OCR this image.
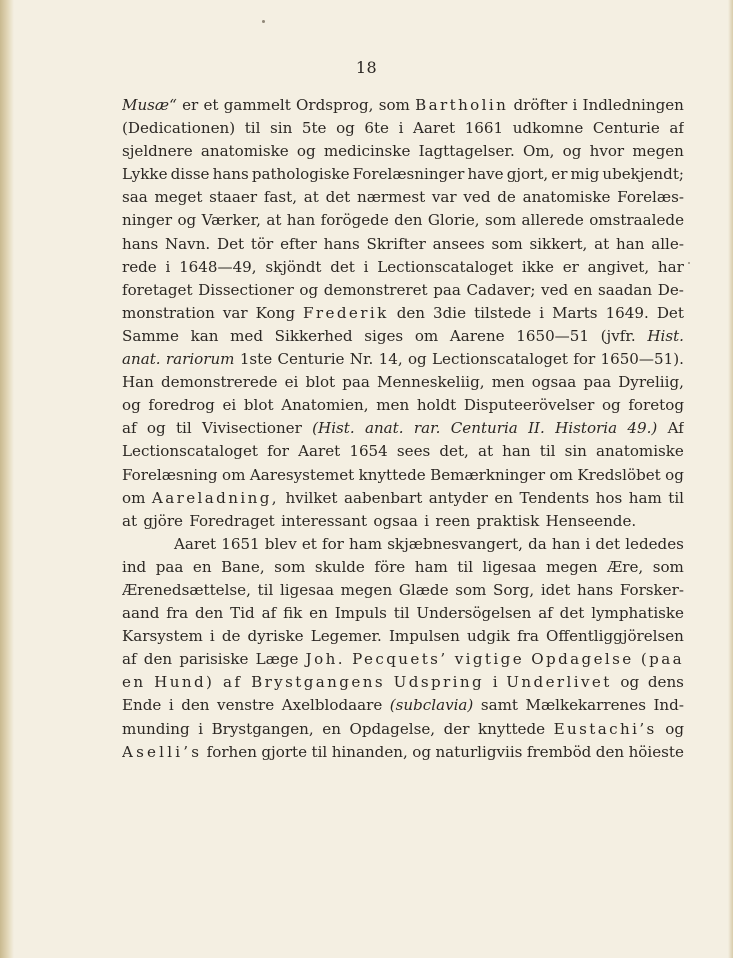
18
Musæ“ er et gammelt Ordsprog, som Bartholin dröfter i Indledningen
(Dedicationen) til sin 5te og 6te i Aaret 1661 udkomne Centurie af
sjeldnere anatomiske og medicinske Iagttagelser. Om, og hvor megen
Lykke disse hans pathologiske Forelæsninger have gjort, er mig ubekjendt;
saa meget staaer fast, at det nærmest var ved de anatomiske Forelæs-
ninger og Værker, at han forögede den Glorie, som allerede omstraalede
hans Navn. Det tör efter hans Skrifter ansees som sikkert, at han alle-
rede i 1648—49, skjöndt det i Lectionscataloget ikke er angivet, har
foretaget Dissectioner og demonstreret paa Cadaver; ved en saadan De-
monstration var Kong Frederik den 3die tilstede i Marts 1649. Det
Samme kan med Sikkerhed siges om Aarene 1650—51 (jvfr. Hist.
anat. rariorum 1ste Centurie Nr. 14, og Lectionscataloget for 1650—51).
Han demonstrerede ei blot paa Menneskeliig, men ogsaa paa Dyreliig,
og foredrog ei blot Anatomien, men holdt Disputeerövelser og foretog
af og til Vivisectioner (Hist. anat. rar. Centuria II. Historia 49.) Af
Lectionscataloget for Aaret 1654 sees det, at han til sin anatomiske
Forelæsning om Aaresystemet knyttede Bemærkninger om Kredslöbet og
om Aareladning, hvilket aabenbart antyder en Tendents hos ham til
at gjöre Foredraget interessant ogsaa i reen praktisk Henseende.
Aaret 1651 blev et for ham skjæbnesvangert, da han i det lededes
ind paa en Bane, som skulde före ham til ligesaa megen Ære, som
Ærenedsættelse, til ligesaa megen Glæde som Sorg, idet hans Forsker-
aand fra den Tid af fik en Impuls til Undersögelsen af det lymphatiske
Karsystem i de dyriske Legemer. Impulsen udgik fra Offentliggjörelsen
af den parisiske Læge Joh. Pecquets’ vigtige Opdagelse (paa
en Hund) af Brystgangens Udspring i Underlivet og dens
Ende i den venstre Axelblodaare (subclavia) samt Mælkekarrenes Ind-
munding i Brystgangen, en Opdagelse, der knyttede Eustachi’s og
Aselli’s forhen gjorte til hinanden, og naturligviis fremböd den höieste
